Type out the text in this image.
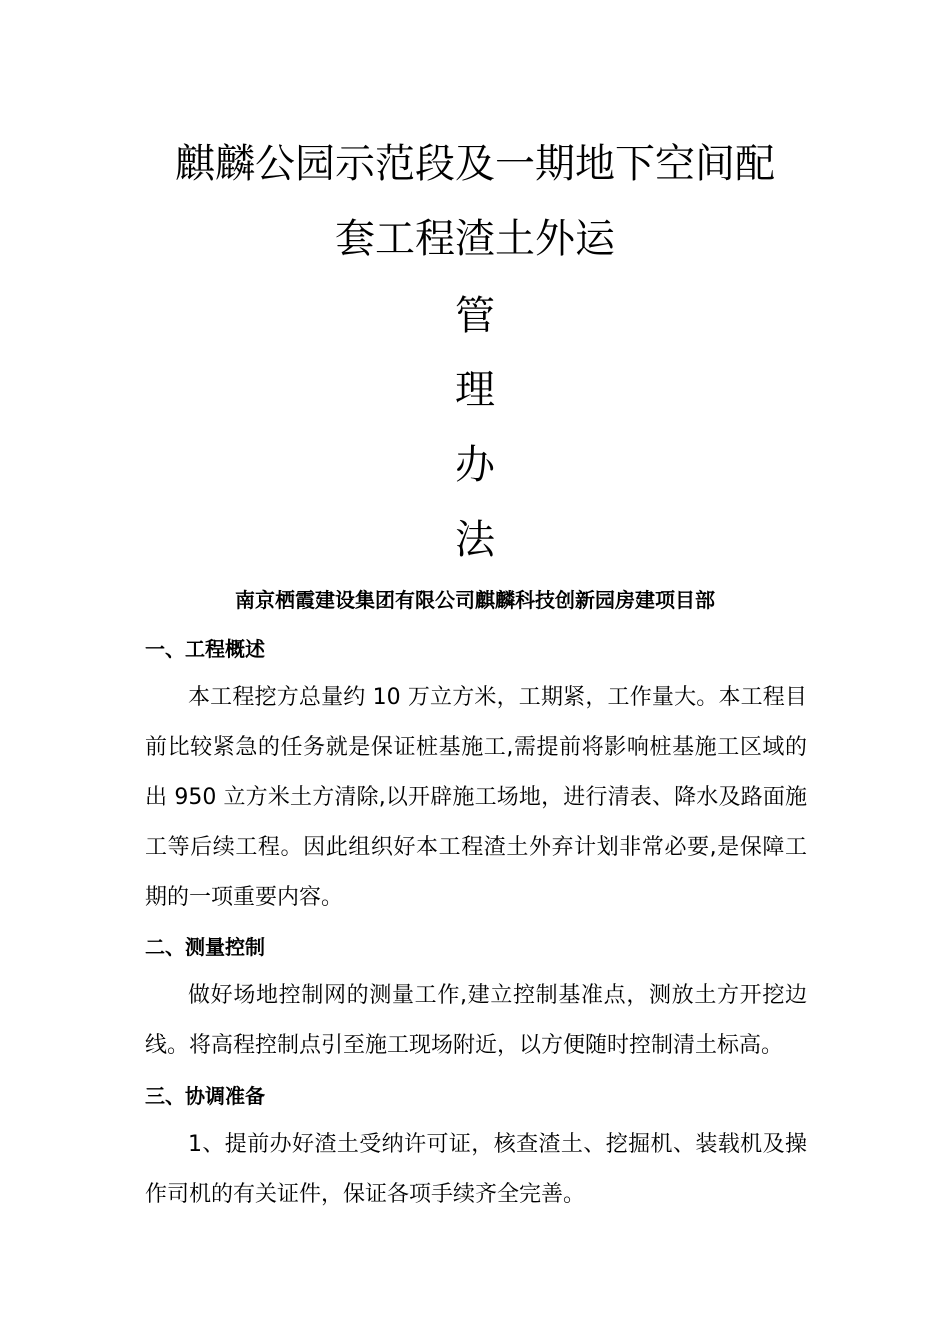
麒麟公园示范段及一期地下空间配
套工程渣土外运
管
理
办
法
南京栖霞建设集团有限公司麒麟科技创新园房建项目部
一、工程概述
本工程挖方总量约 10 万立方米，工期紧，工作量大。本工程目
前比较紧急的任务就是保证桩基施工,需提前将影响桩基施工区域的
出 950 立方米土方清除,以开辟施工场地，进行清表、降水及路面施
工等后续工程。因此组织好本工程渣土外弃计划非常必要,是保障工
期的一项重要内容。
二、测量控制
做好场地控制网的测量工作,建立控制基准点，测放土方开挖边
线。将高程控制点引至施工现场附近，以方便随时控制清土标高。
三、协调准备
1、提前办好渣土受纳许可证，核查渣土、挖掘机、装载机及操
作司机的有关证件，保证各项手续齐全完善。
